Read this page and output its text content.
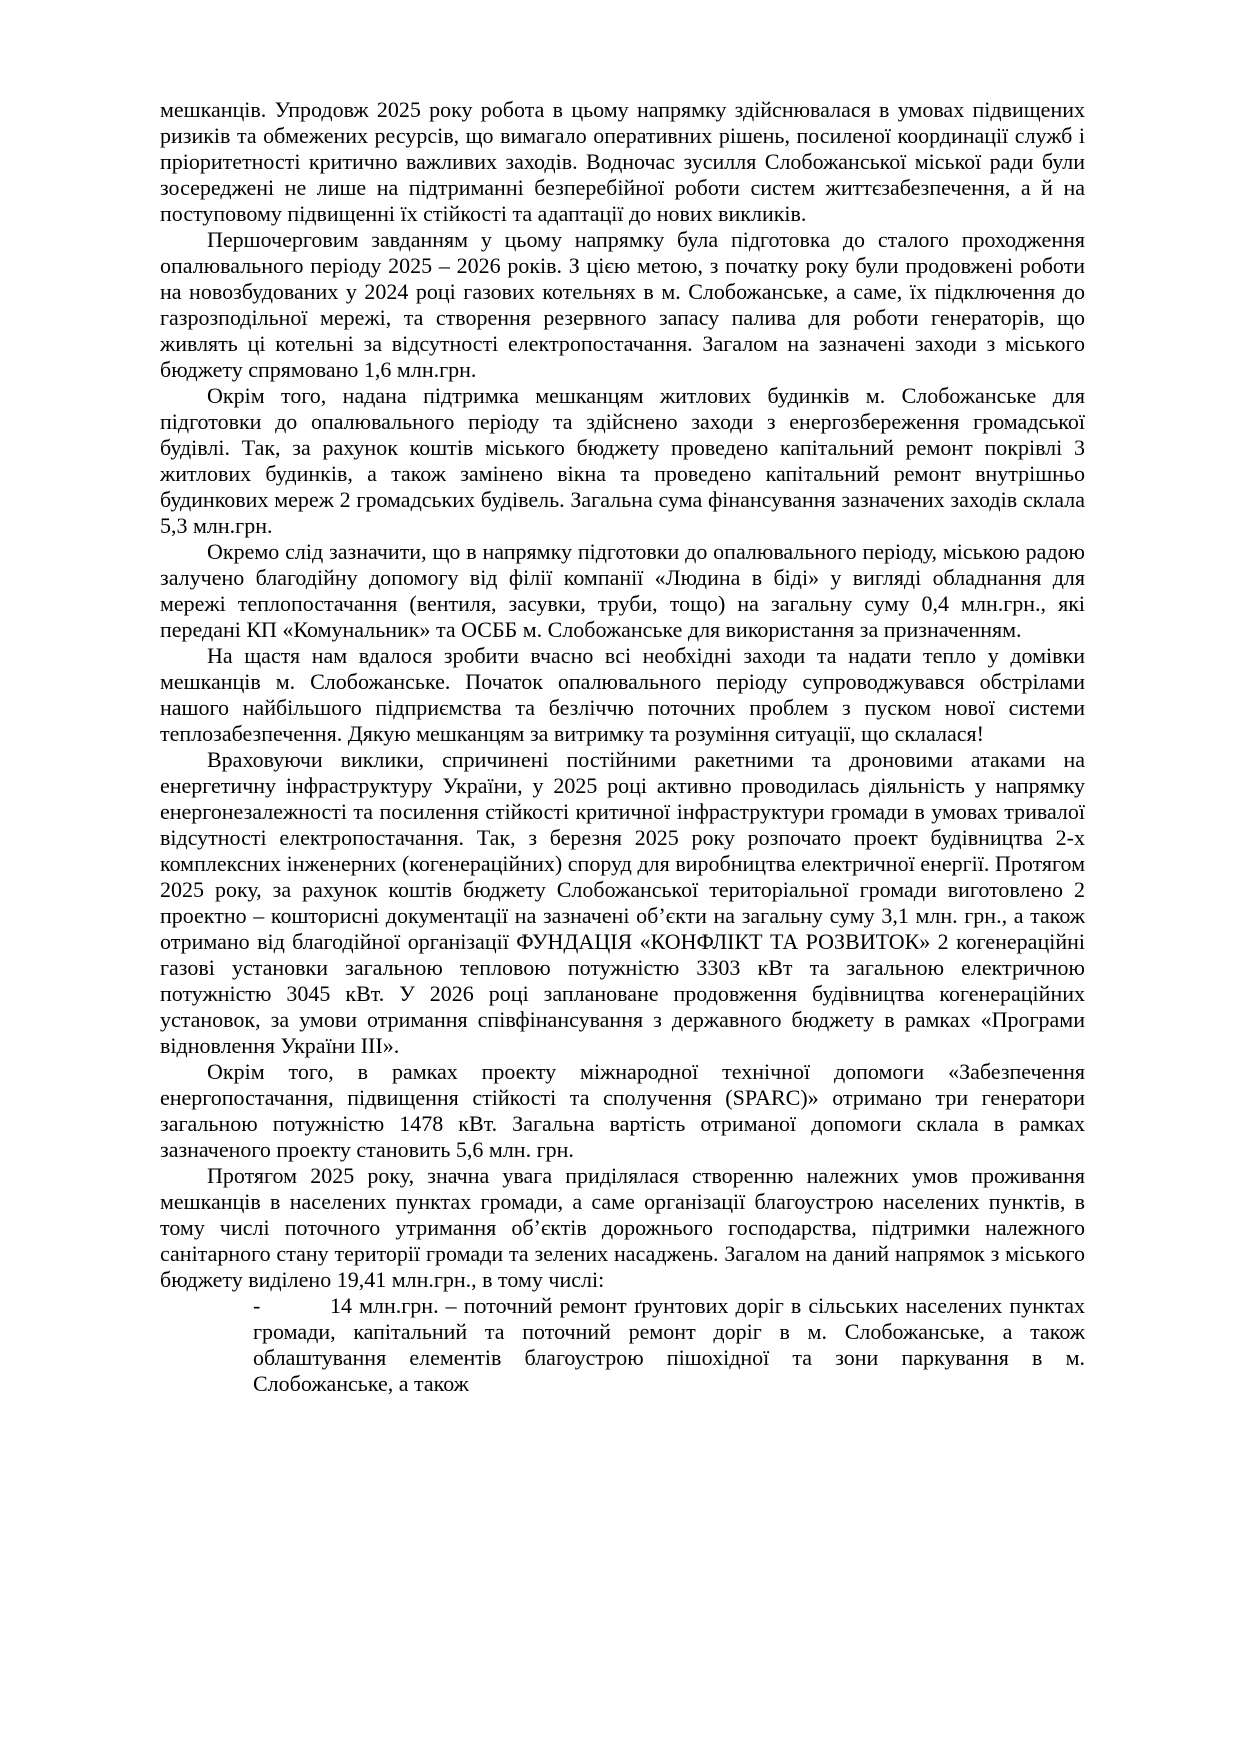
мешканців. Упродовж 2025 року робота в цьому напрямку здійснювалася в умовах підвищених ризиків та обмежених ресурсів, що вимагало оперативних рішень, посиленої координації служб і пріоритетності критично важливих заходів. Водночас зусилля Слобожанської міської ради були зосереджені не лише на підтриманні безперебійної роботи систем життєзабезпечення, а й на поступовому підвищенні їх стійкості та адаптації до нових викликів.

Першочерговим завданням у цьому напрямку була підготовка до сталого проходження опалювального періоду 2025 – 2026 років. З цією метою, з початку року були продовжені роботи на новозбудованих у 2024 році газових котельнях в м. Слобожанське, а саме, їх підключення до газрозподільної мережі, та створення резервного запасу палива для роботи генераторів, що живлять ці котельні за відсутності електропостачання. Загалом на зазначені заходи з міського бюджету спрямовано 1,6 млн.грн.

Окрім того, надана підтримка мешканцям житлових будинків м. Слобожанське для підготовки до опалювального періоду та здійснено заходи з енергозбереження громадської будівлі. Так, за рахунок коштів міського бюджету проведено капітальний ремонт покрівлі 3 житлових будинків, а також замінено вікна та проведено капітальний ремонт внутрішньо будинкових мереж 2 громадських будівель. Загальна сума фінансування зазначених заходів склала 5,3 млн.грн.

Окремо слід зазначити, що в напрямку підготовки до опалювального періоду, міською радою залучено благодійну допомогу від філії компанії «Людина в біді» у вигляді обладнання для мережі теплопостачання (вентиля, засувки, труби, тощо) на загальну суму 0,4 млн.грн., які передані КП «Комунальник» та ОСББ м. Слобожанське для використання за призначенням.

На щастя нам вдалося зробити вчасно всі необхідні заходи та надати тепло у домівки мешканців м. Слобожанське. Початок опалювального періоду супроводжувався обстрілами нашого найбільшого підприємства та безліччю поточних проблем з пуском нової системи теплозабезпечення. Дякую мешканцям за витримку та розуміння ситуації, що склалася!

Враховуючи виклики, спричинені постійними ракетними та дроновими атаками на енергетичну інфраструктуру України, у 2025 році активно проводилась діяльність у напрямку енергонезалежності та посилення стійкості критичної інфраструктури громади в умовах тривалої відсутності електропостачання. Так, з березня 2025 року розпочато проект будівництва 2-х комплексних інженерних (когенераційних) споруд для виробництва електричної енергії. Протягом 2025 року, за рахунок коштів бюджету Слобожанської територіальної громади виготовлено 2 проектно – кошторисні документації на зазначені об’єкти на загальну суму 3,1 млн. грн., а також отримано від благодійної організації ФУНДАЦІЯ «КОНФЛІКТ ТА РОЗВИТОК» 2 когенераційні газові установки загальною тепловою потужністю 3303 кВт та загальною електричною потужністю 3045 кВт. У 2026 році заплановане продовження будівництва когенераційних установок, за умови отримання співфінансування з державного бюджету в рамках «Програми відновлення України ІІІ».

Окрім того, в рамках проекту міжнародної технічної допомоги «Забезпечення енергопостачання, підвищення стійкості та сполучення (SPARC)» отримано три генератори загальною потужністю 1478 кВт. Загальна вартість отриманої допомоги склала в рамках зазначеного проекту становить 5,6 млн. грн.

Протягом 2025 року, значна увага приділялася створенню належних умов проживання мешканців в населених пунктах громади, а саме організації благоустрою населених пунктів, в тому числі поточного утримання об’єктів дорожнього господарства, підтримки належного санітарного стану території громади та зелених насаджень. Загалом на даний напрямок з міського бюджету виділено 19,41 млн.грн., в тому числі:

-	14 млн.грн. – поточний ремонт ґрунтових доріг в сільських населених пунктах громади, капітальний та поточний ремонт доріг в м. Слобожанське, а також облаштування елементів благоустрою пішохідної та зони паркування в м. Слобожанське, а також
